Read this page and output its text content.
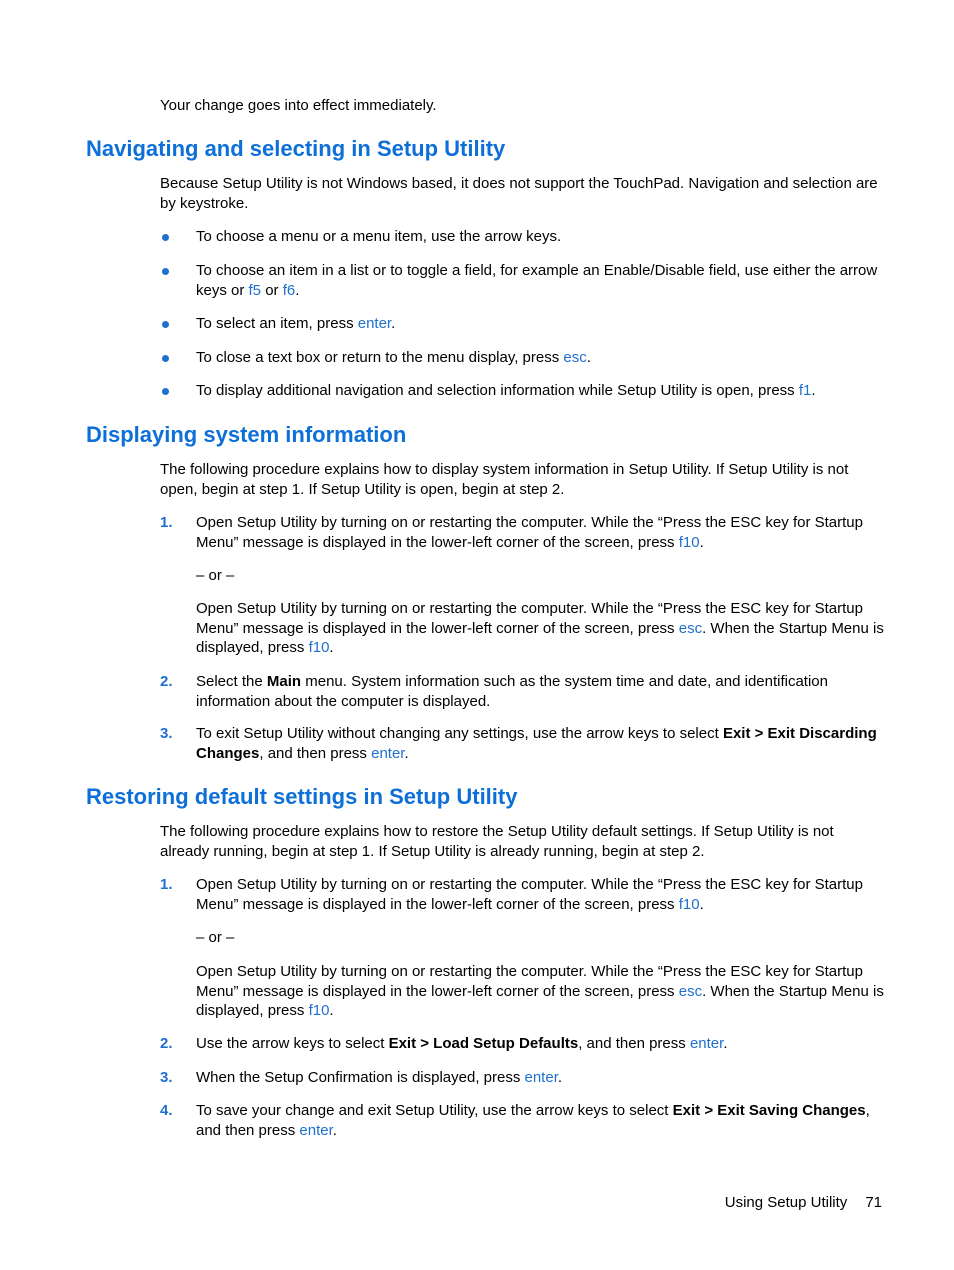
Your change goes into effect immediately.

Navigating and selecting in Setup Utility

Because Setup Utility is not Windows based, it does not support the TouchPad. Navigation and selection are by keystroke.

To choose a menu or a menu item, use the arrow keys.
To choose an item in a list or to toggle a field, for example an Enable/Disable field, use either the arrow keys or f5 or f6.
To select an item, press enter.
To close a text box or return to the menu display, press esc.
To display additional navigation and selection information while Setup Utility is open, press f1.
Displaying system information

The following procedure explains how to display system information in Setup Utility. If Setup Utility is not open, begin at step 1. If Setup Utility is open, begin at step 2.

1.	Open Setup Utility by turning on or restarting the computer. While the “Press the ESC key for Startup Menu” message is displayed in the lower-left corner of the screen, press f10.
– or –
Open Setup Utility by turning on or restarting the computer. While the “Press the ESC key for Startup Menu” message is displayed in the lower-left corner of the screen, press esc. When the Startup Menu is displayed, press f10.
2.	Select the Main menu. System information such as the system time and date, and identification information about the computer is displayed.
3.	To exit Setup Utility without changing any settings, use the arrow keys to select Exit > Exit Discarding Changes, and then press enter.
Restoring default settings in Setup Utility

The following procedure explains how to restore the Setup Utility default settings. If Setup Utility is not already running, begin at step 1. If Setup Utility is already running, begin at step 2.

1.	Open Setup Utility by turning on or restarting the computer. While the “Press the ESC key for Startup Menu” message is displayed in the lower-left corner of the screen, press f10.
– or –
Open Setup Utility by turning on or restarting the computer. While the “Press the ESC key for Startup Menu” message is displayed in the lower-left corner of the screen, press esc. When the Startup Menu is displayed, press f10.
2.	Use the arrow keys to select Exit > Load Setup Defaults, and then press enter.
3.	When the Setup Confirmation is displayed, press enter.
4.	To save your change and exit Setup Utility, use the arrow keys to select Exit > Exit Saving Changes, and then press enter.
Using Setup Utility 71
